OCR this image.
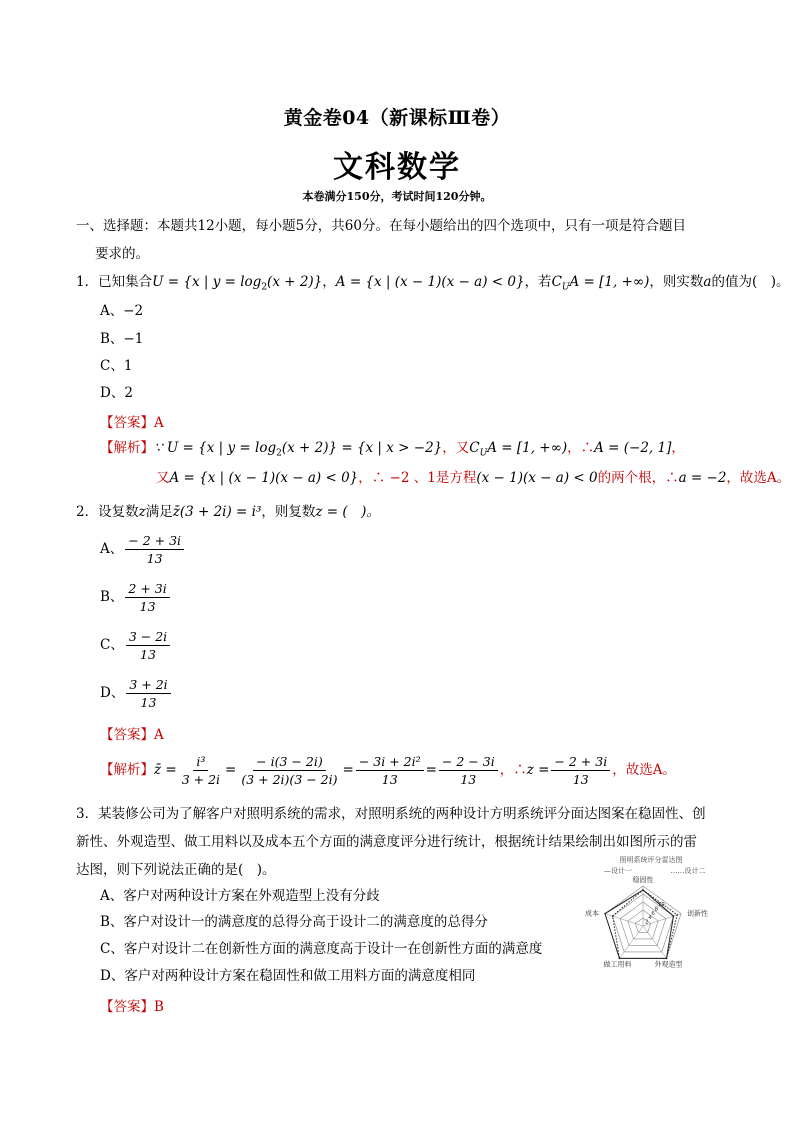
黄金卷04（新课标Ⅲ卷）
文科数学
本卷满分150分，考试时间120分钟。
一、选择题：本题共12小题，每小题5分，共60分。在每小题给出的四个选项中，只有一项是符合题目
要求的。
1．已知集合U = {x | $y = \log_2(x + 2)$}，A = {x | (x − 1)(x − a) < 0}，若$C_UA = [1$, +∞)，则实数a的值为(　)。
A、−2
B、−1
C、1
D、2
【答案】A
【解析】∵ U = {x | $y = \log_2(x + 2)\} = \{x$ | x > −2}，又$C_UA = [1$, +∞)，∴A = (−2, 1]，
又A = {x | (x − 1)(x − a) < 0}，∴ −2 、1是方程(x − 1)(x − a) < 0的两个根，∴a = −2，故选A。
2．设复数z满足z̄(3 + 2i) = i³，则复数z = (　)。
A、 $\frac{- 2 + 3i}{13}$
B、 $\frac{2 + 3i}{13}$
C、 $\frac{3 - 2i}{13}$
D、 $\frac{3 + 2i}{13}$
【答案】A
【解析】z̄ = $\frac{\text{i³}}{3 + 2i} = \frac{- i(3 - 2i)}{(3 + 2i)(3 - 2i)} = \frac{\text{− 3i + 2i²}}{13} = \frac{- 2 - 3i}{13}$ ，∴z = $\frac{- 2 + 3i}{13}$ ，故选A。
3．某装修公司为了解客户对照明系统的需求，对照明系统的两种设计方明系统评分面达图案在稳固性、创
新性、外观造型、做工用料以及成本五个方面的满意度评分进行统计，根据统计结果绘制出如图所示的雷
达图，则下列说法正确的是(　)。
A、客户对两种设计方案在外观造型上没有分歧
B、客户对设计一的满意度的总得分高于设计二的满意度的总得分
C、客户对设计二在创新性方面的满意度高于设计一在创新性方面的满意度
D、客户对两种设计方案在稳固性和做工用料方面的满意度相同
【答案】B
照明系统评分雷达图
—设计一	……设计二
2
4
6
8
10
稳固性
创新性
外观造型
做工用料
成本
